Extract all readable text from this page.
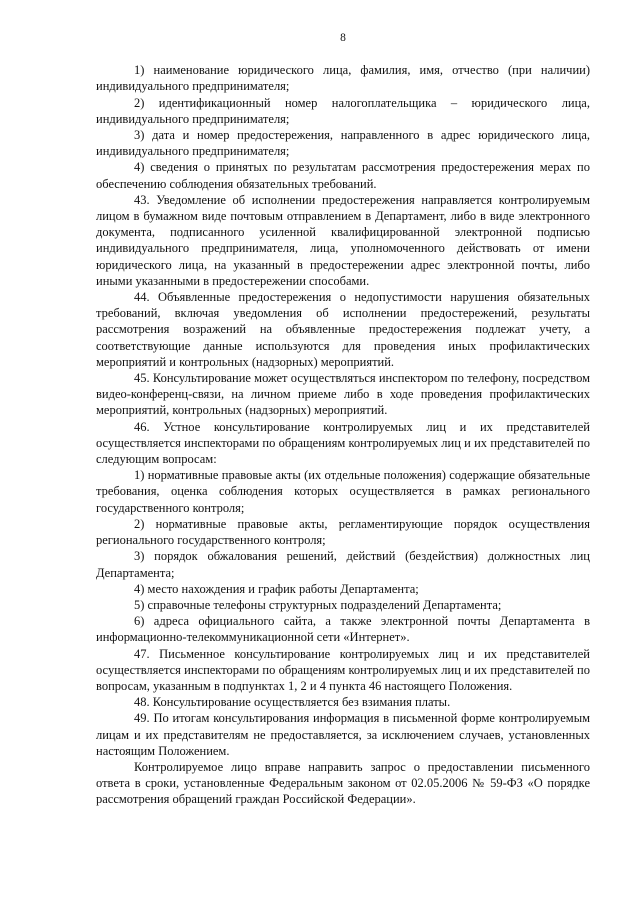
8

1) наименование юридического лица, фамилия, имя, отчество (при наличии) индивидуального предпринимателя;

2) идентификационный номер налогоплательщика – юридического лица, индивидуального предпринимателя;

3) дата и номер предостережения, направленного в адрес юридического лица, индивидуального предпринимателя;

4) сведения о принятых по результатам рассмотрения предостережения мерах по обеспечению соблюдения обязательных требований.

43. Уведомление об исполнении предостережения направляется контролируемым лицом в бумажном виде почтовым отправлением в Департамент, либо в виде электронного документа, подписанного усиленной квалифицированной электронной подписью индивидуального предпринимателя, лица, уполномоченного действовать от имени юридического лица, на указанный в предостережении адрес электронной почты, либо иными указанными в предостережении способами.

44. Объявленные предостережения о недопустимости нарушения обязательных требований, включая уведомления об исполнении предостережений, результаты рассмотрения возражений на объявленные предостережения подлежат учету, а соответствующие данные используются для проведения иных профилактических мероприятий и контрольных (надзорных) мероприятий.

45. Консультирование может осуществляться инспектором по телефону, посредством видео-конференц-связи, на личном приеме либо в ходе проведения профилактических мероприятий, контрольных (надзорных) мероприятий.

46. Устное консультирование контролируемых лиц и их представителей осуществляется инспекторами по обращениям контролируемых лиц и их представителей по следующим вопросам:

1) нормативные правовые акты (их отдельные положения) содержащие обязательные требования, оценка соблюдения которых осуществляется в рамках регионального государственного контроля;

2) нормативные правовые акты, регламентирующие порядок осуществления регионального государственного контроля;

3) порядок обжалования решений, действий (бездействия) должностных лиц Департамента;

4) место нахождения и график работы Департамента;

5) справочные телефоны структурных подразделений Департамента;

6) адреса официального сайта, а также электронной почты Департамента в информационно-телекоммуникационной сети «Интернет».

47. Письменное консультирование контролируемых лиц и их представителей осуществляется инспекторами по обращениям контролируемых лиц и их представителей по вопросам, указанным в подпунктах 1, 2 и 4 пункта 46 настоящего Положения.

48. Консультирование осуществляется без взимания платы.

49. По итогам консультирования информация в письменной форме контролируемым лицам и их представителям не предоставляется, за исключением случаев, установленных настоящим Положением.

Контролируемое лицо вправе направить запрос о предоставлении письменного ответа в сроки, установленные Федеральным законом от 02.05.2006 № 59-ФЗ «О порядке рассмотрения обращений граждан Российской Федерации».
